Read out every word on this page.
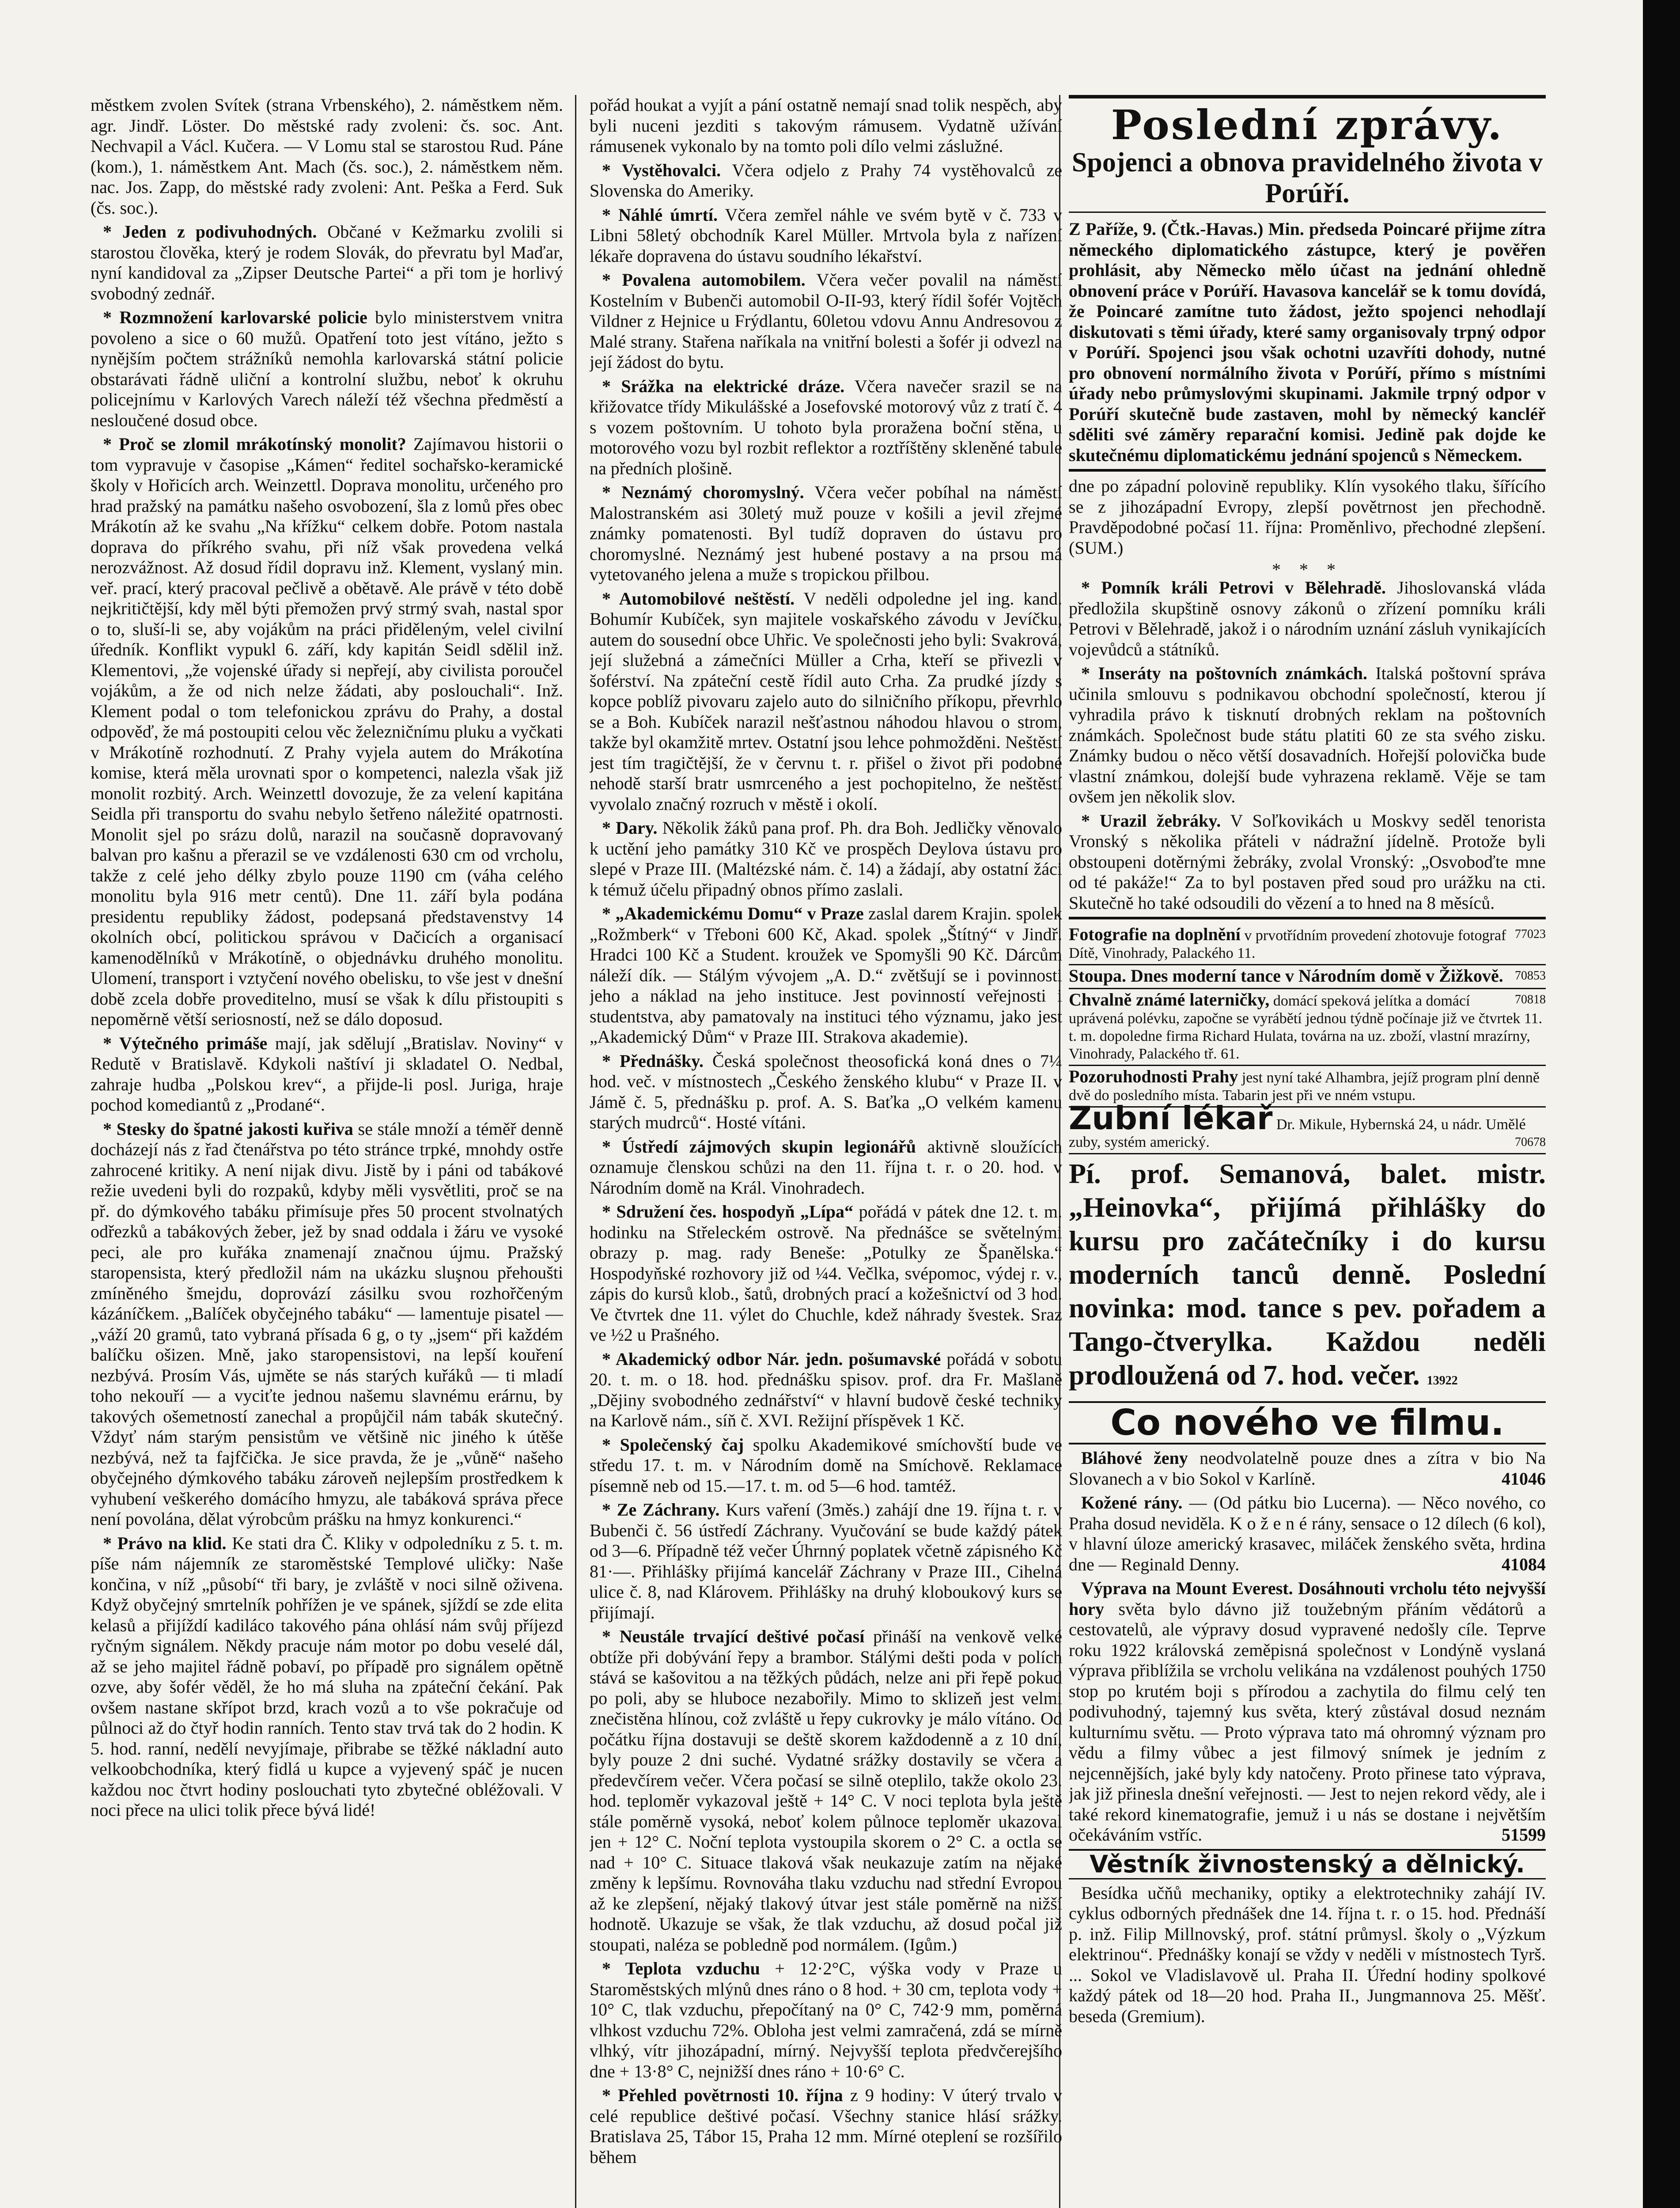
městkem zvolen Svítek (strana Vrbenského), 2. náměstkem něm. agr. Jindř. Löster. Do městské rady zvoleni: čs. soc. Ant. Nechvapil a Václ. Kučera. — V Lomu stal se starostou Rud. Páne (kom.), 1. náměstkem Ant. Mach (čs. soc.), 2. náměstkem něm. nac. Jos. Zapp, do městské rady zvoleni: Ant. Peška a Ferd. Suk (čs. soc.).

* Jeden z podivuhodných. Občané v Kežmarku zvolili si starostou člověka, který je rodem Slovák, do převratu byl Maďar, nyní kandidoval za „Zipser Deutsche Partei“ a při tom je horlivý svobodný zednář.

* Rozmnožení karlovarské policie bylo ministerstvem vnitra povoleno a sice o 60 mužů. Opatření toto jest vítáno, ježto s nynějším počtem strážníků nemohla karlovarská státní policie obstarávati řádně uliční a kontrolní službu, neboť k okruhu policejnímu v Karlových Varech náleží též všechna předměstí a nesloučené dosud obce.

* Proč se zlomil mrákotínský monolit? Zajímavou historii o tom vypravuje v časopise „Kámen“ ředitel sochařsko-keramické školy v Hořicích arch. Weinzettl. Doprava monolitu, určeného pro hrad pražský na památku našeho osvobození, šla z lomů přes obec Mrákotín až ke svahu „Na křížku“ celkem dobře. Potom nastala doprava do příkrého svahu, při níž však provedena velká nerozvážnost. Až dosud řídil dopravu inž. Klement, vyslaný min. veř. prací, který pracoval pečlivě a obětavě. Ale právě v této době nejkritičtější, kdy měl býti přemožen prvý strmý svah, nastal spor o to, sluší-li se, aby vojákům na práci přiděleným, velel civilní úředník. Konflikt vypukl 6. září, kdy kapitán Seidl sdělil inž. Klementovi, „že vojenské úřady si nepřejí, aby civilista poroučel vojákům, a že od nich nelze žádati, aby poslouchali“. Inž. Klement podal o tom telefonickou zprávu do Prahy, a dostal odpověď, že má postoupiti celou věc železničnímu pluku a vyčkati v Mrákotíně rozhodnutí. Z Prahy vyjela autem do Mrákotína komise, která měla urovnati spor o kompetenci, nalezla však již monolit rozbitý. Arch. Weinzettl dovozuje, že za velení kapitána Seidla při transportu do svahu nebylo šetřeno náležité opatrnosti. Monolit sjel po srázu dolů, narazil na současně dopravovaný balvan pro kašnu a přerazil se ve vzdálenosti 630 cm od vrcholu, takže z celé jeho délky zbylo pouze 1190 cm (váha celého monolitu byla 916 metr centů). Dne 11. září byla podána presidentu republiky žádost, podepsaná představenstvy 14 okolních obcí, politickou správou v Dačicích a organisací kamenodělníků v Mrákotíně, o objednávku druhého monolitu. Ulomení, transport i vztyčení nového obelisku, to vše jest v dnešní době zcela dobře proveditelno, musí se však k dílu přistoupiti s nepoměrně větší seriosností, než se dálo doposud.

* Výtečného primáše mají, jak sdělují „Bratislav. Noviny“ v Redutě v Bratislavě. Kdykoli naštíví ji skladatel O. Nedbal, zahraje hudba „Polskou krev“, a přijde-li posl. Juriga, hraje pochod komediantů z „Prodané“.

* Stesky do špatné jakosti kuřiva se stále množí a téměř denně docházejí nás z řad čtenářstva po této stránce trpké, mnohdy ostře zahrocené kritiky. A není nijak divu. Jistě by i páni od tabákové režie uvedeni byli do rozpaků, kdyby měli vysvětliti, proč se na př. do dýmkového tabáku přimísuje přes 50 procent stvolnatých odřezků a tabákových žeber, jež by snad oddala i žáru ve vysoké peci, ale pro kuřáka znamenají značnou újmu. Pražský staropensista, který předložil nám na ukázku sluşnou přehoušti zmíněného šmejdu, doprovází zásilku svou rozhořčeným kázáníčkem. „Balíček obyčejného tabáku“ — lamentuje pisatel — „váží 20 gramů, tato vybraná přísada 6 g, o ty „jsem“ při každém balíčku ošizen. Mně, jako staropensistovi, na lepší kouření nezbývá. Prosím Vás, ujměte se nás starých kuřáků — ti mladí toho nekouří — a vyciťte jednou našemu slavnému erárnu, by takových ošemetností zanechal a propůjčil nám tabák skutečný. Vždyť nám starým pensistům ve většině nic jiného k útěše nezbývá, než ta fajfčička. Je sice pravda, že je „vůně“ našeho obyčejného dýmkového tabáku zároveň nejlepším prostředkem k vyhubení veškerého domácího hmyzu, ale tabáková správa přece není povolána, dělat výrobcům prášku na hmyz konkurenci.“

* Právo na klid. Ke stati dra Č. Kliky v odpoledníku z 5. t. m. píše nám nájemník ze staroměstské Templové uličky: Naše končina, v níž „působí“ tři bary, je zvláště v noci silně oživena. Když obyčejný smrtelník pohřížen je ve spánek, sjíždí se zde elita kelasů a přijíždí kadiláco takového pána ohlásí nám svůj příjezd ryčným signálem. Někdy pracuje nám motor po dobu veselé dál, až se jeho majitel řádně pobaví, po případě pro signálem opětně ozve, aby šofér věděl, že ho má sluha na zpáteční čekání. Pak ovšem nastane skřípot brzd, krach vozů a to vše pokračuje od půlnoci až do čtyř hodin ranních. Tento stav trvá tak do 2 hodin. K 5. hod. ranní, nedělí nevyjímaje, přibrabe se těžké nákladní auto velkoobchodníka, který fidlá u kupce a vyjevený spáč je nucen každou noc čtvrt hodiny poslouchati tyto zbytečné obléžovali. V noci přece na ulici tolik přece bývá lidé!

pořád houkat a vyjít a pání ostatně nemají snad tolik nespěch, aby byli nuceni jezditi s takovým rámusem. Vydatně užívání rámusenek vykonalo by na tomto poli dílo velmi záslužné.

* Vystěhovalci. Včera odjelo z Prahy 74 vystěhovalců ze Slovenska do Ameriky.

* Náhlé úmrtí. Včera zemřel náhle ve svém bytě v č. 733 v Libni 58letý obchodník Karel Müller. Mrtvola byla z nařízení lékaře dopravena do ústavu soudního lékařství.

* Povalena automobilem. Včera večer povalil na náměstí Kostelním v Bubenči automobil O-II-93, který řídil šofér Vojtěch Vildner z Hejnice u Frýdlantu, 60letou vdovu Annu Andresovou z Malé strany. Stařena naříkala na vnitřní bolesti a šofér ji odvezl na její žádost do bytu.

* Srážka na elektrické dráze. Včera navečer srazil se na křižovatce třídy Mikulášské a Josefovské motorový vůz z tratí č. 4 s vozem poštovním. U tohoto byla proražena boční stěna, u motorového vozu byl rozbit reflektor a roztříštěny skleněné tabule na předních plošině.

* Neznámý choromyslný. Včera večer pobíhal na náměstí Malostranském asi 30letý muž pouze v košili a jevil zřejmé známky pomatenosti. Byl tudíž dopraven do ústavu pro choromyslné. Neznámý jest hubené postavy a na prsou má vytetovaného jelena a muže s tropickou přilbou.

* Automobilové neštěstí. V neděli odpoledne jel ing. kand. Bohumír Kubíček, syn majitele voskařského závodu v Jevíčku, autem do sousední obce Uhřic. Ve společnosti jeho byli: Svakrová, její služebná a zámečníci Müller a Crha, kteří se přivezli v šoférství. Na zpáteční cestě řídil auto Crha. Za prudké jízdy s kopce poblíž pivovaru zajelo auto do silničního příkopu, převrhlo se a Boh. Kubíček narazil nešťastnou náhodou hlavou o strom, takže byl okamžitě mrtev. Ostatní jsou lehce pohmožděni. Neštěstí jest tím tragičtější, že v červnu t. r. přišel o život při podobné nehodě starší bratr usmrceného a jest pochopitelno, že neštěstí vyvolalo značný rozruch v městě i okolí.

* Dary. Několik žáků pana prof. Ph. dra Boh. Jedličky věnovalo k uctění jeho památky 310 Kč ve prospěch Deylova ústavu pro slepé v Praze III. (Maltézské nám. č. 14) a žádají, aby ostatní žáci k témuž účelu připadný obnos přímo zaslali.

* „Akademickému Domu“ v Praze zaslal darem Krajin. spolek „Rožmberk“ v Třeboni 600 Kč, Akad. spolek „Štítný“ v Jindř. Hradci 100 Kč a Student. kroužek ve Spomyšli 90 Kč. Dárcům náleží dík. — Stálým vývojem „A. D.“ zvětšují se i povinnosti jeho a náklad na jeho instituce. Jest povinností veřejnosti i studentstva, aby pamatovaly na instituci tého významu, jako jest „Akademický Dům“ v Praze III. Strakova akademie).

* Přednášky. Česká společnost theosofická koná dnes o 7¼ hod. več. v místnostech „Českého ženského klubu“ v Praze II. v Jámě č. 5, přednášku p. prof. A. S. Baťka „O velkém kamenu starých mudrců“. Hosté vítáni.

* Ústředí zájmových skupin legionářů aktivně sloužících oznamuje členskou schůzi na den 11. října t. r. o 20. hod. v Národním domě na Král. Vinohradech.

* Sdružení čes. hospodyň „Lípa“ pořádá v pátek dne 12. t. m. hodinku na Střeleckém ostrově. Na přednášce se světelnými obrazy p. mag. rady Beneše: „Potulky ze Španělska.“ Hospodyňské rozhovory již od ¼4. Večlka, svépomoc, výdej r. v., zápis do kursů klob., šatů, drobných prací a kožešnictví od 3 hod. Ve čtvrtek dne 11. výlet do Chuchle, kdež náhrady švestek. Sraz ve ½2 u Prašného.

* Akademický odbor Nár. jedn. pošumavské pořádá v sobotu 20. t. m. o 18. hod. přednášku spisov. prof. dra Fr. Mašlaně „Dějiny svobodného zednářství“ v hlavní budově české techniky na Karlově nám., síň č. XVI. Režijní příspěvek 1 Kč.

* Společenský čaj spolku Akademikové smíchovští bude ve středu 17. t. m. v Národním domě na Smíchově. Reklamace písemně neb od 15.—17. t. m. od 5—6 hod. tamtéž.

* Ze Záchrany. Kurs vaření (3měs.) zahájí dne 19. října t. r. v Bubenči č. 56 ústředí Záchrany. Vyučování se bude každý pátek od 3—6. Případně též večer Úhrnný poplatek včetně zápisného Kč 81·—. Přihlášky přijímá kancelář Záchrany v Praze III., Cihelná ulice č. 8, nad Klárovem. Přihlášky na druhý kloboukový kurs se přijímají.

* Neustále trvající deštivé počasí přináší na venkově velké obtíže při dobývání řepy a brambor. Stálými dešti poda v polích stává se kašovitou a na těžkých půdách, nelze ani při řepě pokud po poli, aby se hluboce nezabořily. Mimo to sklizeň jest velmi znečistěna hlínou, což zvláště u řepy cukrovky je málo vítáno. Od počátku října dostavuji se deště skorem každodenně a z 10 dní, byly pouze 2 dni suché. Vydatné srážky dostavily se včera a předevčírem večer. Včera počasí se silně oteplilo, takže okolo 23. hod. teploměr vykazoval ještě + 14° C. V noci teplota byla ještě stále poměrně vysoká, neboť kolem půlnoce teploměr ukazoval jen + 12° C. Noční teplota vystoupila skorem o 2° C. a octla se nad + 10° C. Situace tlaková však neukazuje zatím na nějaké změny k lepšímu. Rovnováha tlaku vzduchu nad střední Evropou až ke zlepšení, nějaký tlakový útvar jest stále poměrně na nižší hodnotě. Ukazuje se však, že tlak vzduchu, až dosud počal již stoupati, naléza se pobledně pod normálem. (Igům.)

* Teplota vzduchu + 12·2°C, výška vody v Praze u Staroměstských mlýnů dnes ráno o 8 hod. + 30 cm, teplota vody + 10° C, tlak vzduchu, přepočítaný na 0° C, 742·9 mm, poměrná vlhkost vzduchu 72%. Obloha jest velmi zamračená, zdá se mírně vlhký, vítr jihozápadní, mírný. Nejvyšší teplota předvčerejšího dne + 13·8° C, nejnižší dnes ráno + 10·6° C.

* Přehled povětrnosti 10. října z 9 hodiny: V úterý trvalo v celé republice deštivé počasí. Všechny stanice hlásí srážky. Bratislava 25, Tábor 15, Praha 12 mm. Mírné oteplení se rozšířilo během

Poslední zprávy.
Spojenci a obnova pravidelného života v Porúří.

Z Paříže, 9. (Čtk.-Havas.) Min. předseda Poincaré přijme zítra německého diplomatického zástupce, který je pověřen prohlásit, aby Německo mělo účast na jednání ohledně obnovení práce v Porúří. Havasova kancelář se k tomu dovídá, že Poincaré zamítne tuto žádost, ježto spojenci nehodlají diskutovati s těmi úřady, které samy organisovaly trpný odpor v Porúří. Spojenci jsou však ochotni uzavříti dohody, nutné pro obnovení normálního života v Porúří, přímo s místními úřady nebo průmyslovými skupinami. Jakmile trpný odpor v Porúří skutečně bude zastaven, mohl by německý kancléř sděliti své záměry reparační komisi. Jedině pak dojde ke skutečnému diplomatickému jednání spojenců s Německem.

dne po západní polovině republiky. Klín vysokého tlaku, šířícího se z jihozápadní Evropy, zlepší povětrnost jen přechodně. Pravděpodobné počasí 11. října: Proměnlivo, přechodné zlepšení. (SUM.)

* * *

* Pomník králi Petrovi v Bělehradě. Jihoslovanská vláda předložila skupštině osnovy zákonů o zřízení pomníku králi Petrovi v Bělehradě, jakož i o národním uznání zásluh vynikajících vojevůdců a státníků.

* Inseráty na poštovních známkách. Italská poštovní správa učinila smlouvu s podnikavou obchodní společností, kterou jí vyhradila právo k tisknutí drobných reklam na poštovních známkách. Společnost bude státu platiti 60 ze sta svého zisku. Známky budou o něco větší dosavadních. Hořejší polovička bude vlastní známkou, dolejší bude vyhrazena reklamě. Věje se tam ovšem jen několik slov.

* Urazil žebráky. V Soľkovikách u Moskvy seděl tenorista Vronský s několika přáteli v nádražní jídelně. Protože byli obstoupeni dotěrnými žebráky, zvolal Vronský: „Osvoboďte mne od té pakáže!“ Za to byl postaven před soud pro urážku na cti. Skutečně ho také odsoudili do vězení a to hned na 8 měsíců.

77023
Fotografie na doplnění v prvotřídním provedení zhotovuje fotograf Dítě, Vinohrady, Palackého 11.

70853
Stoupa. Dnes moderní tance v Národním domě v Žižkově.

70818
Chvalně známé laterničky, domácí speková jelítka a domácí uprávená polévku, započne se vyrábětí jednou týdně počínaje již ve čtvrtek 11. t. m. dopoledne firma Richard Hulata, továrna na uz. zboží, vlastní mrazírny, Vinohrady, Palackého tř. 61.

Pozoruhodnosti Prahy jest nyní také Alhambra, jejíž program plní denně dvě do posledního místa. Tabarin jest při ve nném vstupu.

Zubní lékař Dr. Mikule, Hybernská 24, u nádr. Umělé zuby, systém americký.	70678

Pí. prof. Semanová, balet. mistr. „Heinovka“, přijímá přihlášky do kursu pro začátečníky i do kursu moderních tanců denně. Poslední novinka: mod. tance s pev. pořadem a Tango-čtverylka. Každou neděli prodloužená od 7. hod. večer. 13922

Co nového ve filmu.

Bláhové ženy neodvolatelně pouze dnes a zítra v bio Na Slovanech a v bio Sokol v Karlíně.	41046

Kožené rány. — (Od pátku bio Lucerna). — Něco nového, co Praha dosud neviděla. K o ž e n é rány, sensace o 12 dílech (6 kol), v hlavní úloze americký krasavec, miláček ženského světa, hrdina dne — Reginald Denny.	41084

Výprava na Mount Everest. Dosáhnouti vrcholu této nejvyšší hory světa bylo dávno již toužebným přáním vědátorů a cestovatelů, ale výpravy dosud vypravené nedošly cíle. Teprve roku 1922 královská zeměpisná společnost v Londýně vyslaná výprava přiblížila se vrcholu velikána na vzdálenost pouhých 1750 stop po krutém boji s přírodou a zachytila do filmu celý ten podivuhodný, tajemný kus světa, který zůstával dosud neznám kulturnímu světu. — Proto výprava tato má ohromný význam pro vědu a filmy vůbec a jest filmový snímek je jedním z nejcennějších, jaké byly kdy natočeny. Proto přinese tato výprava, jak již přinesla dnešní veřejnosti. — Jest to nejen rekord vědy, ale i také rekord kinematografie, jemuž i u nás se dostane i největším očekáváním vstříc.	51599

Věstník živnostenský a dělnický.

Besídka učňů mechaniky, optiky a elektrotechniky zahájí IV. cyklus odborných přednášek dne 14. října t. r. o 15. hod. Přednáší p. inž. Filip Millnovský, prof. státní průmysl. školy o „Výzkum elektrinou“. Přednášky konají se vždy v neděli v místnostech Tyrš. ... Sokol ve Vladislavově ul. Praha II. Úřední hodiny spolkové každý pátek od 18—20 hod. Praha II., Jungmannova 25. Měšť. beseda (Gremium).
